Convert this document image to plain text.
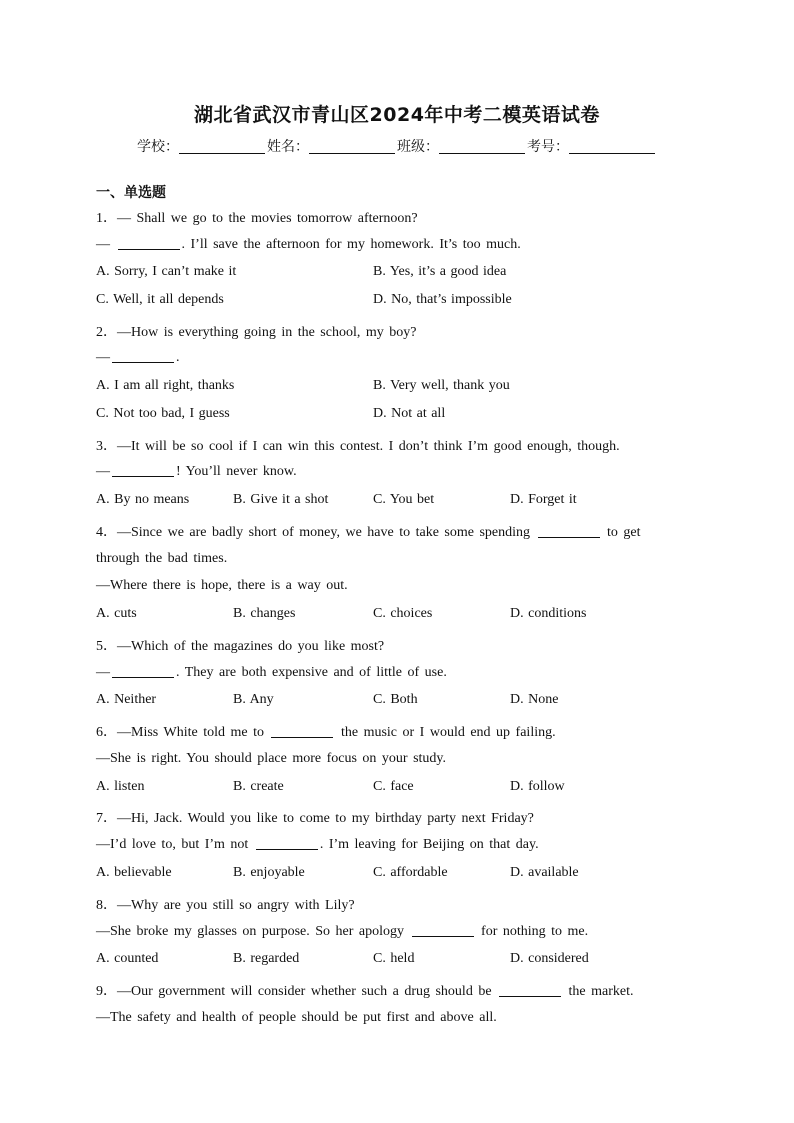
湖北省武汉市青山区2024年中考二模英语试卷
学校：	姓名：	班级：	考号：
一、单选题
1．— Shall we go to the movies tomorrow afternoon?
—	. I’ll save the afternoon for my homework. It’s too much.
A. Sorry, I can’t make it	B. Yes, it’s a good idea
C. Well, it all depends	D. No, that’s impossible
2．—How is everything going in the school, my boy?
—	.
A. I am all right, thanks	B. Very well, thank you
C. Not too bad, I guess	D. Not at all
3．—It will be so cool if I can win this contest. I don’t think I’m good enough, though.
—	! You’ll never know.
A. By no means	B. Give it a shot	C. You bet	D. Forget it
4．—Since we are badly short of money, we have to take some spending	to get
through the bad times.
—Where there is hope, there is a way out.
A. cuts	B. changes	C. choices	D. conditions
5．—Which of the magazines do you like most?
—	. They are both expensive and of little of use.
A. Neither	B. Any	C. Both	D. None
6．—Miss White told me to	the music or I would end up failing.
—She is right. You should place more focus on your study.
A. listen	B. create	C. face	D. follow
7．—Hi, Jack. Would you like to come to my birthday party next Friday?
—I’d love to, but I’m not	. I’m leaving for Beijing on that day.
A. believable	B. enjoyable	C. affordable	D. available
8．—Why are you still so angry with Lily?
—She broke my glasses on purpose. So her apology	for nothing to me.
A. counted	B. regarded	C. held	D. considered
9．—Our government will consider whether such a drug should be	the market.
—The safety and health of people should be put first and above all.
